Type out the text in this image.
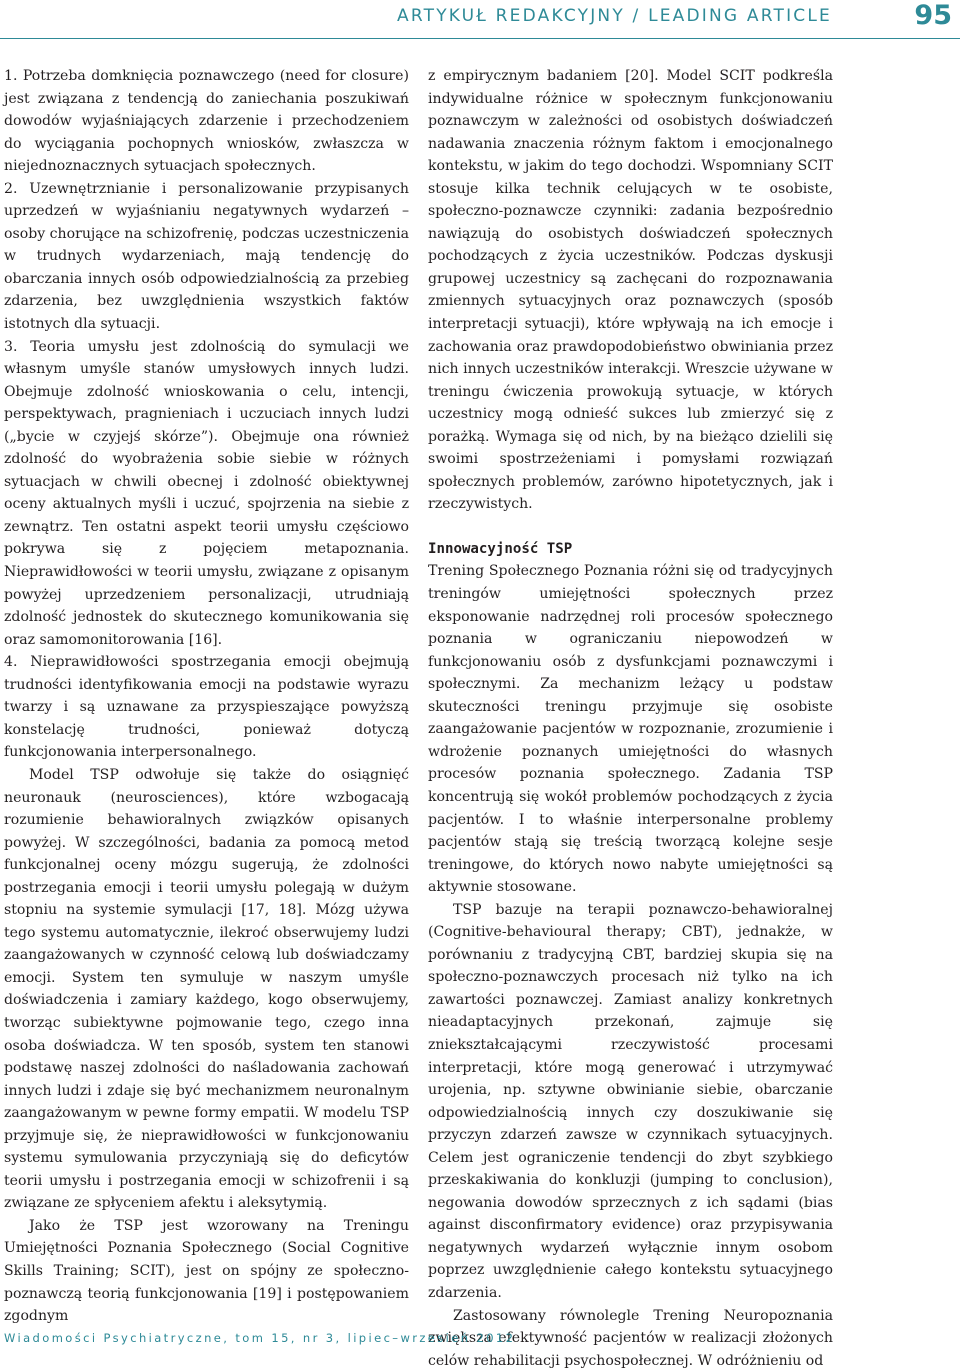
ARTYKUŁ REDAKCYJNY / LEADING ARTICLE	95

1. Potrzeba domknięcia poznawczego (need for closure) jest związana z tendencją do zaniechania poszukiwań dowodów wyjaśniających zdarzenie i przechodzeniem do wyciągania pochopnych wniosków, zwłaszcza w niejednoznacznych sytuacjach społecznych.

2. Uzewnętrznianie i personalizowanie przypisanych uprzedzeń w wyjaśnianiu negatywnych wydarzeń – osoby chorujące na schizofrenię, podczas uczestniczenia w trudnych wydarzeniach, mają tendencję do obarczania innych osób odpowiedzialnością za przebieg zdarzenia, bez uwzględnienia wszystkich faktów istotnych dla sytuacji.

3. Teoria umysłu jest zdolnością do symulacji we własnym umyśle stanów umysłowych innych ludzi. Obejmuje zdolność wnioskowania o celu, intencji, perspektywach, pragnieniach i uczuciach innych ludzi („bycie w czyjejś skórze”). Obejmuje ona również zdolność do wyobrażenia sobie siebie w różnych sytuacjach w chwili obecnej i zdolność obiektywnej oceny aktualnych myśli i uczuć, spojrzenia na siebie z zewnątrz. Ten ostatni aspekt teorii umysłu częściowo pokrywa się z pojęciem metapoznania. Nieprawidłowości w teorii umysłu, związane z opisanym powyżej uprzedzeniem personalizacji, utrudniają zdolność jednostek do skutecznego komunikowania się oraz samomonitorowania [16].

4. Nieprawidłowości spostrzegania emocji obejmują trudności identyfikowania emocji na podstawie wyrazu twarzy i są uznawane za przyspieszające powyższą konstelację trudności, ponieważ dotyczą funkcjonowania interpersonalnego.

Model TSP odwołuje się także do osiągnięć neuronauk (neurosciences), które wzbogacają rozumienie behawioralnych związków opisanych powyżej. W szczególności, badania za pomocą metod funkcjonalnej oceny mózgu sugerują, że zdolności postrzegania emocji i teorii umysłu polegają w dużym stopniu na systemie symulacji [17, 18]. Mózg używa tego systemu automatycznie, ilekroć obserwujemy ludzi zaangażowanych w czynność celową lub doświadczamy emocji. System ten symuluje w naszym umyśle doświadczenia i zamiary każdego, kogo obserwujemy, tworząc subiektywne pojmowanie tego, czego inna osoba doświadcza. W ten sposób, system ten stanowi podstawę naszej zdolności do naśladowania zachowań innych ludzi i zdaje się być mechanizmem neuronalnym zaangażowanym w pewne formy empatii. W modelu TSP przyjmuje się, że nieprawidłowości w funkcjonowaniu systemu symulowania przyczyniają się do deficytów teorii umysłu i postrzegania emocji w schizofrenii i są związane ze spłyceniem afektu i aleksytymią.

Jako że TSP jest wzorowany na Treningu Umiejętności Poznania Społecznego (Social Cognitive Skills Training; SCIT), jest on spójny ze społeczno-poznawczą teorią funkcjonowania [19] i postępowaniem zgodnym

z empirycznym badaniem [20]. Model SCIT podkreśla indywidualne różnice w społecznym funkcjonowaniu poznawczym w zależności od osobistych doświadczeń nadawania znaczenia różnym faktom i emocjonalnego kontekstu, w jakim do tego dochodzi. Wspomniany SCIT stosuje kilka technik celujących w te osobiste, społeczno-poznawcze czynniki: zadania bezpośrednio nawiązują do osobistych doświadczeń społecznych pochodzących z życia uczestników. Podczas dyskusji grupowej uczestnicy są zachęcani do rozpoznawania zmiennych sytuacyjnych oraz poznawczych (sposób interpretacji sytuacji), które wpływają na ich emocje i zachowania oraz prawdopodobieństwo obwiniania przez nich innych uczestników interakcji. Wreszcie używane w treningu ćwiczenia prowokują sytuacje, w których uczestnicy mogą odnieść sukces lub zmierzyć się z porażką. Wymaga się od nich, by na bieżąco dzielili się swoimi spostrzeżeniami i pomysłami rozwiązań społecznych problemów, zarówno hipotetycznych, jak i rzeczywistych.

Innowacyjność TSP

Trening Społecznego Poznania różni się od tradycyjnych treningów umiejętności społecznych przez eksponowanie nadrzędnej roli procesów społecznego poznania w ograniczaniu niepowodzeń w funkcjonowaniu osób z dysfunkcjami poznawczymi i społecznymi. Za mechanizm leżący u podstaw skuteczności treningu przyjmuje się osobiste zaangażowanie pacjentów w rozpoznanie, zrozumienie i wdrożenie poznanych umiejętności do własnych procesów poznania społecznego. Zadania TSP koncentrują się wokół problemów pochodzących z życia pacjentów. I to właśnie interpersonalne problemy pacjentów stają się treścią tworzącą kolejne sesje treningowe, do których nowo nabyte umiejętności są aktywnie stosowane.

TSP bazuje na terapii poznawczo-behawioralnej (Cognitive-behavioural therapy; CBT), jednakże, w porównaniu z tradycyjną CBT, bardziej skupia się na społeczno-poznawczych procesach niż tylko na ich zawartości poznawczej. Zamiast analizy konkretnych nieadaptacyjnych przekonań, zajmuje się zniekształcającymi rzeczywistość procesami interpretacji, które mogą generować i utrzymywać urojenia, np. sztywne obwinianie siebie, obarczanie odpowiedzialnością innych czy doszukiwanie się przyczyn zdarzeń zawsze w czynnikach sytuacyjnych. Celem jest ograniczenie tendencji do zbyt szybkiego przeskakiwania do konkluzji (jumping to conclusion), negowania dowodów sprzecznych z ich sądami (bias against disconfirmatory evidence) oraz przypisywania negatywnych wydarzeń wyłącznie innym osobom poprzez uwzględnienie całego kontekstu sytuacyjnego zdarzenia.

Zastosowany równolegle Trening Neuropoznania zwiększa efektywność pacjentów w realizacji złożonych celów rehabilitacji psychospołecznej. W odróżnieniu od

Wiadomości Psychiatryczne, tom 15, nr 3, lipiec–wrzesień 2012
